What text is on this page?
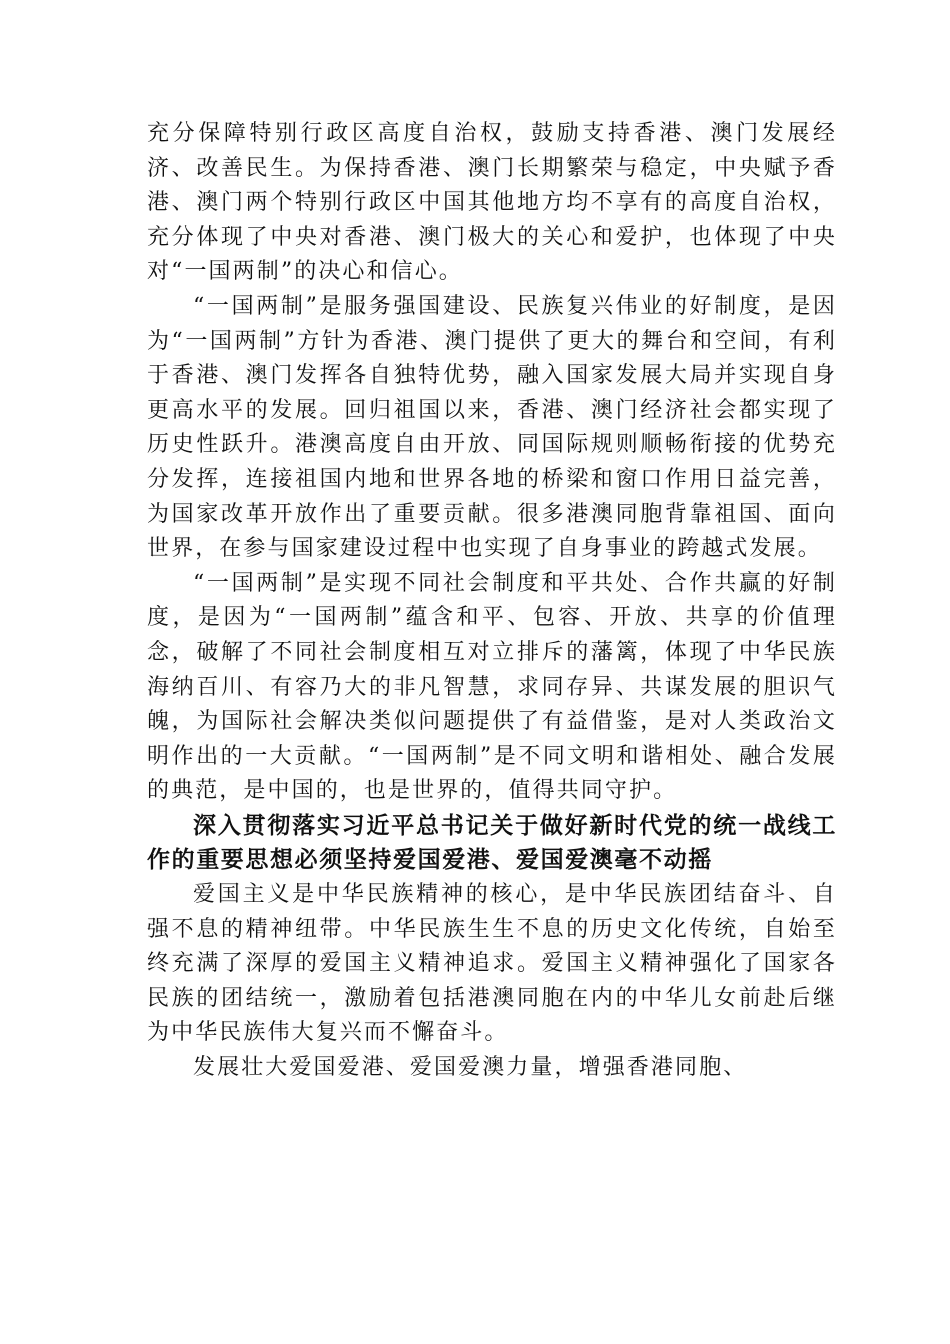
充分保障特别行政区高度自治权，鼓励支持香港、澳门发展经济、改善民生。为保持香港、澳门长期繁荣与稳定，中央赋予香港、澳门两个特别行政区中国其他地方均不享有的高度自治权，充分体现了中央对香港、澳门极大的关心和爱护，也体现了中央对“一国两制”的决心和信心。

“一国两制”是服务强国建设、民族复兴伟业的好制度，是因为“一国两制”方针为香港、澳门提供了更大的舞台和空间，有利于香港、澳门发挥各自独特优势，融入国家发展大局并实现自身更高水平的发展。回归祖国以来，香港、澳门经济社会都实现了历史性跃升。港澳高度自由开放、同国际规则顺畅衔接的优势充分发挥，连接祖国内地和世界各地的桥梁和窗口作用日益完善，为国家改革开放作出了重要贡献。很多港澳同胞背靠祖国、面向世界，在参与国家建设过程中也实现了自身事业的跨越式发展。

“一国两制”是实现不同社会制度和平共处、合作共赢的好制度，是因为“一国两制”蕴含和平、包容、开放、共享的价值理念，破解了不同社会制度相互对立排斥的藩篱，体现了中华民族海纳百川、有容乃大的非凡智慧，求同存异、共谋发展的胆识气魄，为国际社会解决类似问题提供了有益借鉴，是对人类政治文明作出的一大贡献。“一国两制”是不同文明和谐相处、融合发展的典范，是中国的，也是世界的，值得共同守护。

深入贯彻落实习近平总书记关于做好新时代党的统一战线工作的重要思想必须坚持爱国爱港、爱国爱澳毫不动摇

爱国主义是中华民族精神的核心，是中华民族团结奋斗、自强不息的精神纽带。中华民族生生不息的历史文化传统，自始至终充满了深厚的爱国主义精神追求。爱国主义精神强化了国家各民族的团结统一，激励着包括港澳同胞在内的中华儿女前赴后继为中华民族伟大复兴而不懈奋斗。

发展壮大爱国爱港、爱国爱澳力量，增强香港同胞、
